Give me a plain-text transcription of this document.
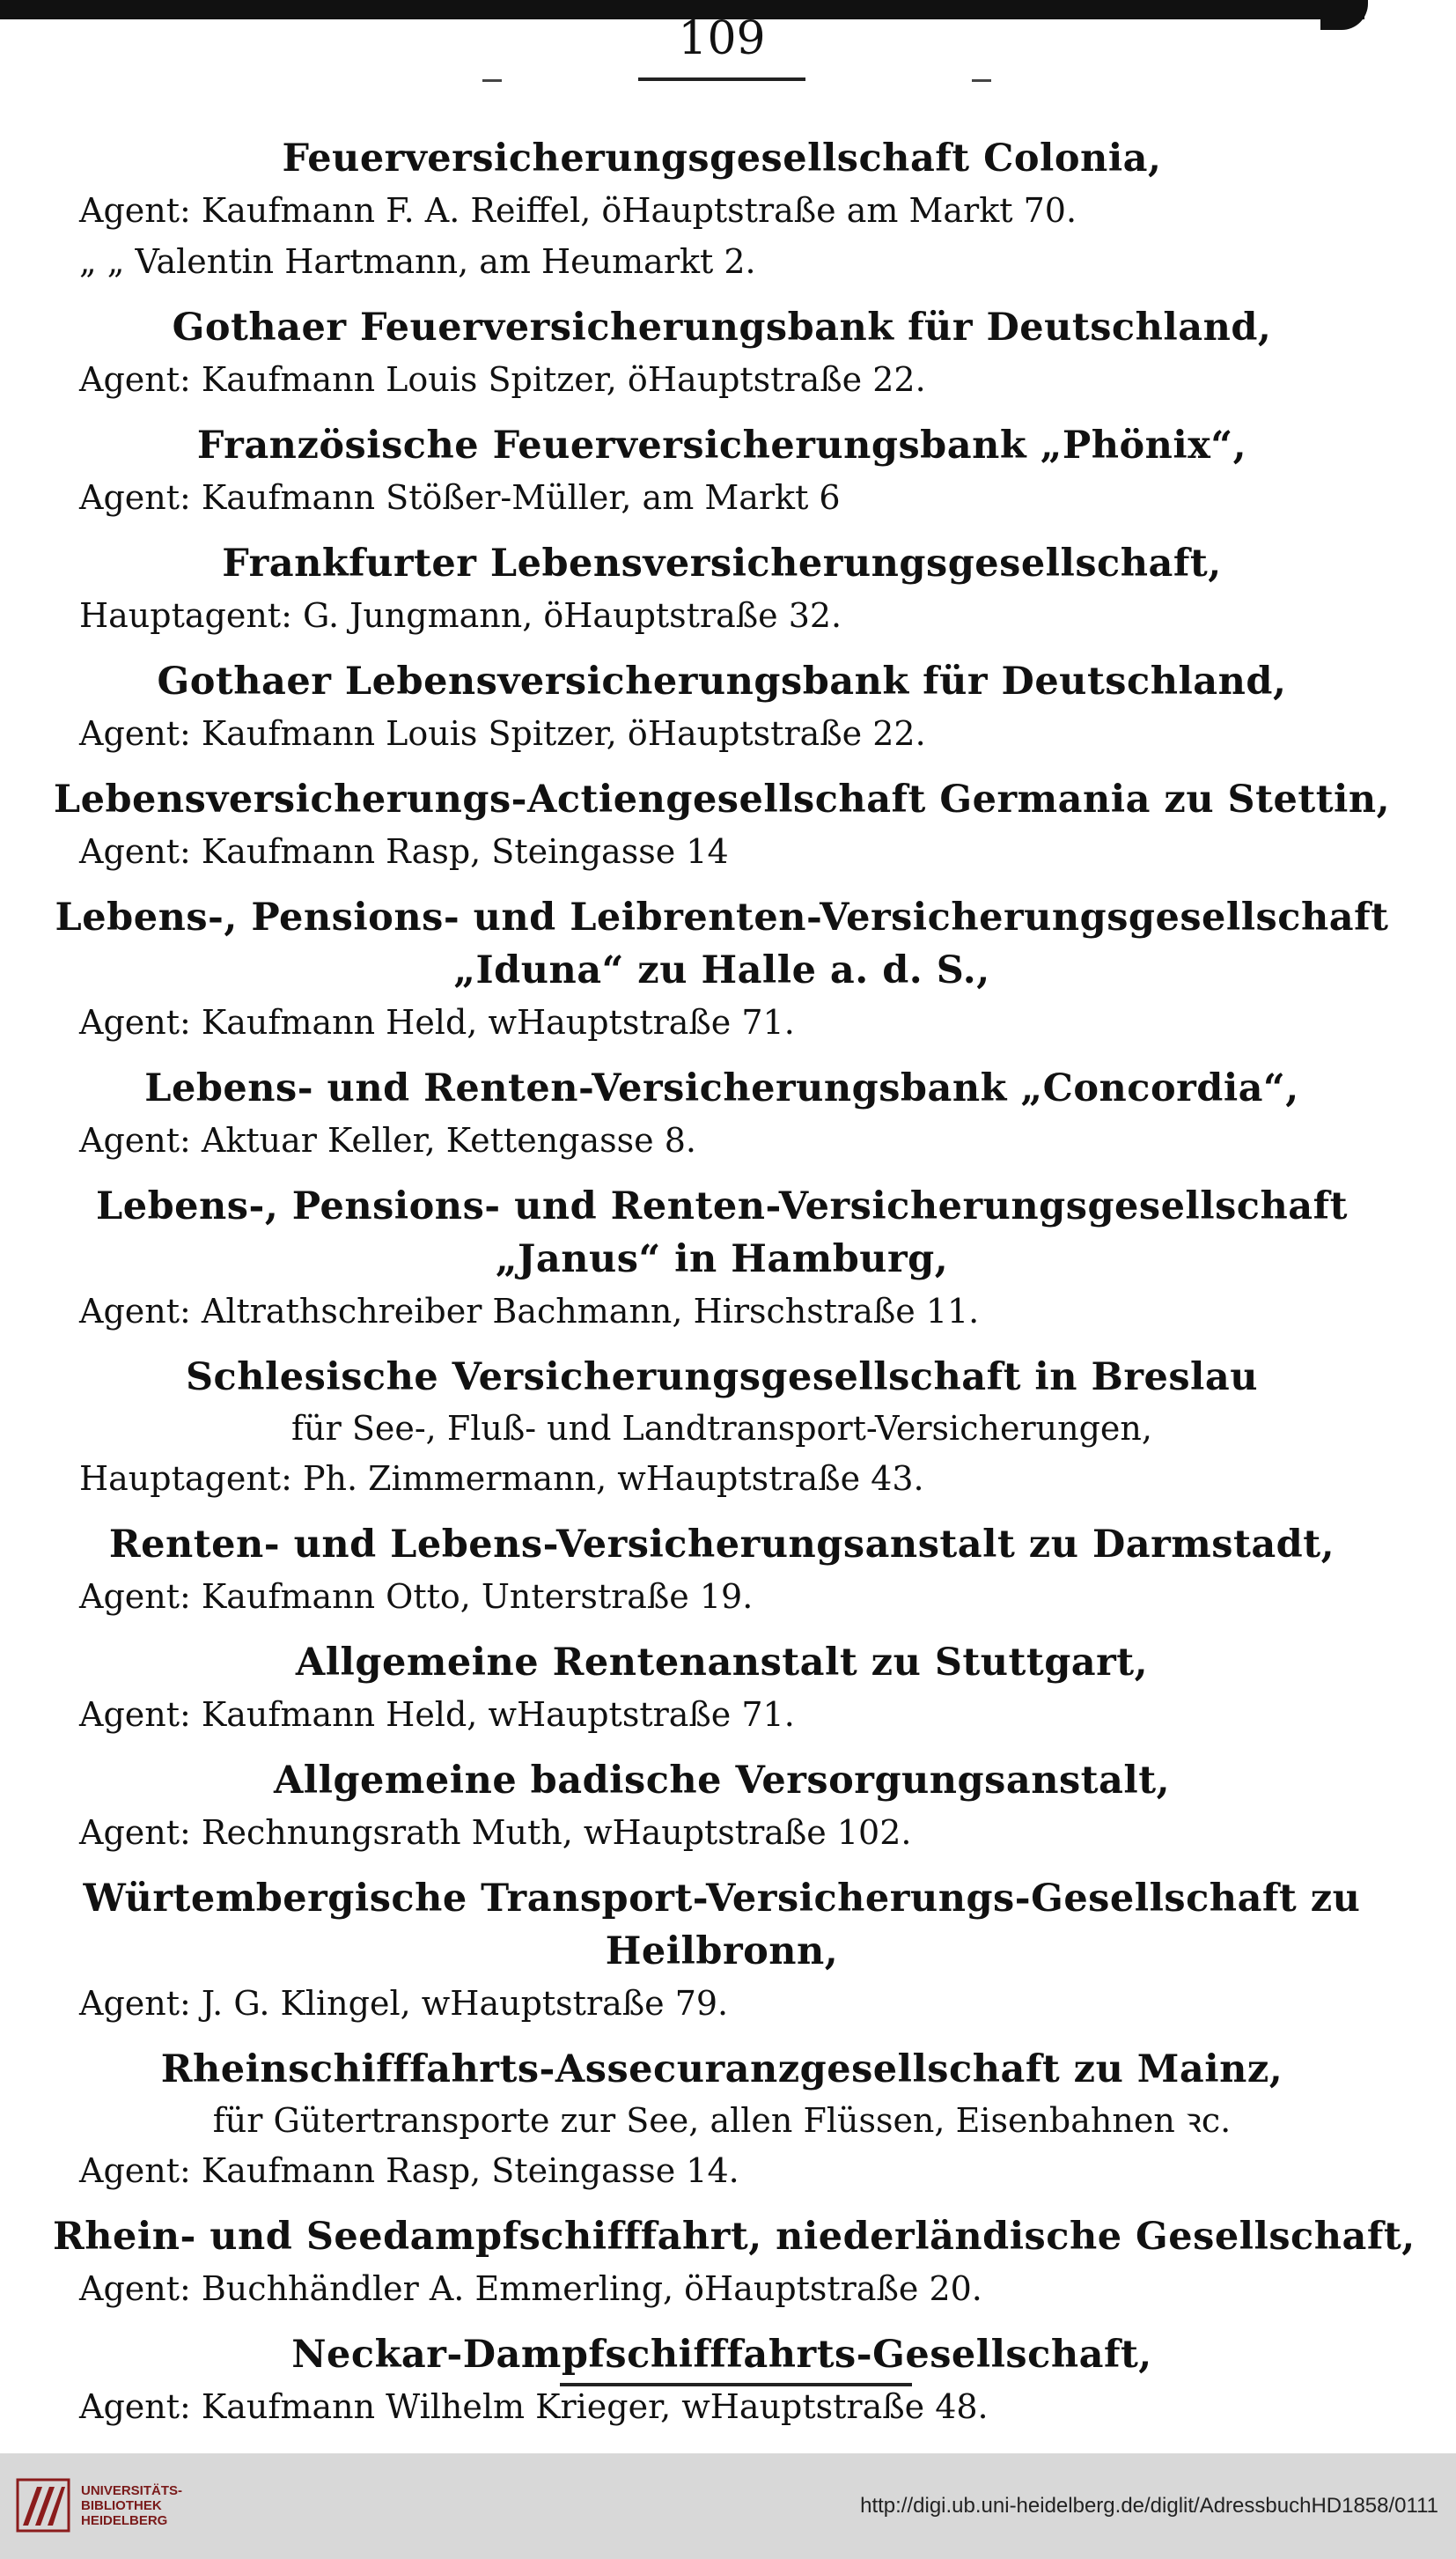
109
Feuerversicherungsgesellschaft Colonia,
Agent: Kaufmann F. A. Reiffel, öHauptstraße am Markt 70.
„ „ Valentin Hartmann, am Heumarkt 2.
Gothaer Feuerversicherungsbank für Deutschland,
Agent: Kaufmann Louis Spitzer, öHauptstraße 22.
Französische Feuerversicherungsbank „Phönix“,
Agent: Kaufmann Stößer-Müller, am Markt 6
Frankfurter Lebensversicherungsgesellschaft,
Hauptagent: G. Jungmann, öHauptstraße 32.
Gothaer Lebensversicherungsbank für Deutschland,
Agent: Kaufmann Louis Spitzer, öHauptstraße 22.
Lebensversicherungs-Actiengesellschaft Germania zu Stettin,
Agent: Kaufmann Rasp, Steingasse 14
Lebens-, Pensions- und Leibrenten-Versicherungsgesellschaft
„Iduna“ zu Halle a. d. S.,
Agent: Kaufmann Held, wHauptstraße 71.
Lebens- und Renten-Versicherungsbank „Concordia“,
Agent: Aktuar Keller, Kettengasse 8.
Lebens-, Pensions- und Renten-Versicherungsgesellschaft
„Janus“ in Hamburg,
Agent: Altrathschreiber Bachmann, Hirschstraße 11.
Schlesische Versicherungsgesellschaft in Breslau
für See-, Fluß- und Landtransport-Versicherungen,
Hauptagent: Ph. Zimmermann, wHauptstraße 43.
Renten- und Lebens-Versicherungsanstalt zu Darmstadt,
Agent: Kaufmann Otto, Unterstraße 19.
Allgemeine Rentenanstalt zu Stuttgart,
Agent: Kaufmann Held, wHauptstraße 71.
Allgemeine badische Versorgungsanstalt,
Agent: Rechnungsrath Muth, wHauptstraße 102.
Würtembergische Transport-Versicherungs-Gesellschaft zu
Heilbronn,
Agent: J. G. Klingel, wHauptstraße 79.
Rheinschifffahrts-Assecuranzgesellschaft zu Mainz,
für Gütertransporte zur See, allen Flüssen, Eisenbahnen ꝛc.
Agent: Kaufmann Rasp, Steingasse 14.
Rhein- und Seedampfschifffahrt, niederländische Gesellschaft,
Agent: Buchhändler A. Emmerling, öHauptstraße 20.
Neckar-Dampfschifffahrts-Gesellschaft,
Agent: Kaufmann Wilhelm Krieger, wHauptstraße 48.
UNIVERSITÄTS-
BIBLIOTHEK
HEIDELBERG
http://digi.ub.uni-heidelberg.de/diglit/AdressbuchHD1858/0111
